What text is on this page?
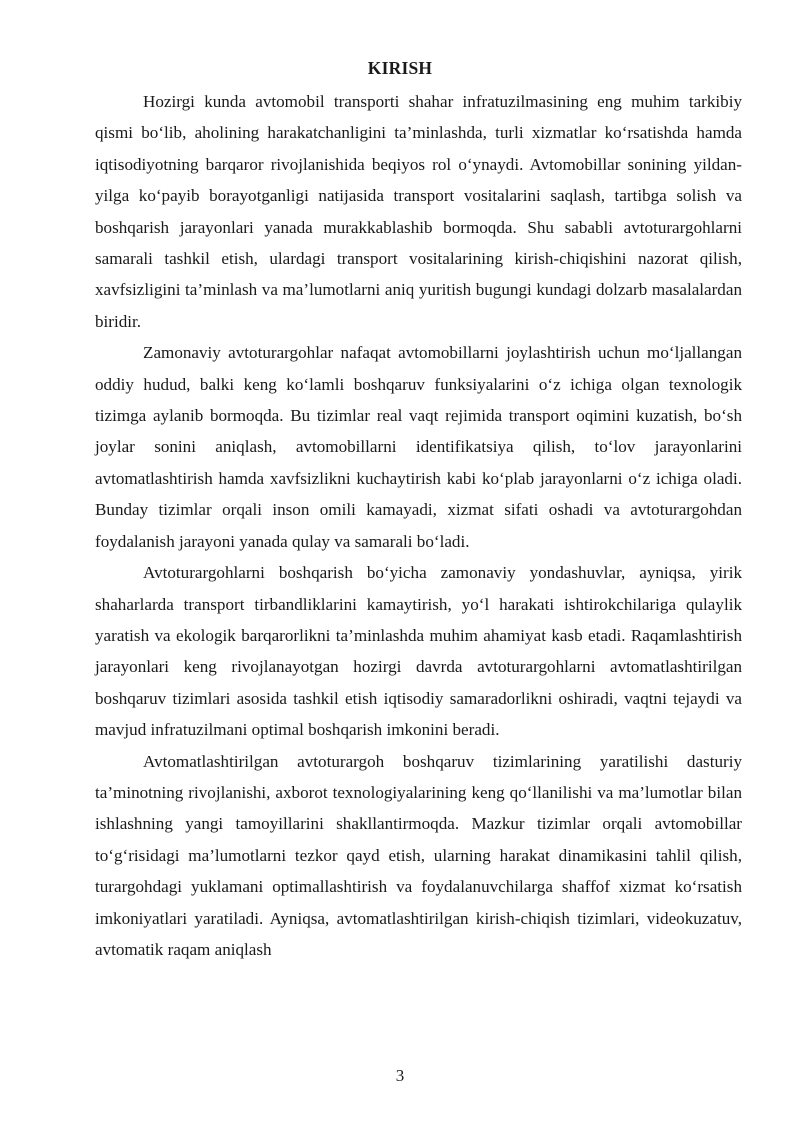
KIRISH

Hozirgi kunda avtomobil transporti shahar infratuzilmasining eng muhim tarkibiy qismi bo‘lib, aholining harakatchanligini ta’minlashda, turli xizmatlar ko‘rsatishda hamda iqtisodiyotning barqaror rivojlanishida beqiyos rol o‘ynaydi. Avtomobillar sonining yildan-yilga ko‘payib borayotganligi natijasida transport vositalarini saqlash, tartibga solish va boshqarish jarayonlari yanada murakkablashib bormoqda. Shu sababli avtoturargohlarni samarali tashkil etish, ulardagi transport vositalarining kirish-chiqishini nazorat qilish, xavfsizligini ta’minlash va ma’lumotlarni aniq yuritish bugungi kundagi dolzarb masalalardan biridir.

Zamonaviy avtoturargohlar nafaqat avtomobillarni joylashtirish uchun mo‘ljallangan oddiy hudud, balki keng ko‘lamli boshqaruv funksiyalarini o‘z ichiga olgan texnologik tizimga aylanib bormoqda. Bu tizimlar real vaqt rejimida transport oqimini kuzatish, bo‘sh joylar sonini aniqlash, avtomobillarni identifikatsiya qilish, to‘lov jarayonlarini avtomatlashtirish hamda xavfsizlikni kuchaytirish kabi ko‘plab jarayonlarni o‘z ichiga oladi. Bunday tizimlar orqali inson omili kamayadi, xizmat sifati oshadi va avtoturargohdan foydalanish jarayoni yanada qulay va samarali bo‘ladi.

Avtoturargohlarni boshqarish bo‘yicha zamonaviy yondashuvlar, ayniqsa, yirik shaharlarda transport tirbandliklarini kamaytirish, yo‘l harakati ishtirokchilariga qulaylik yaratish va ekologik barqarorlikni ta’minlashda muhim ahamiyat kasb etadi. Raqamlashtirish jarayonlari keng rivojlanayotgan hozirgi davrda avtoturargohlarni avtomatlashtirilgan boshqaruv tizimlari asosida tashkil etish iqtisodiy samaradorlikni oshiradi, vaqtni tejaydi va mavjud infratuzilmani optimal boshqarish imkonini beradi.

Avtomatlashtirilgan avtoturargoh boshqaruv tizimlarining yaratilishi dasturiy ta’minotning rivojlanishi, axborot texnologiyalarining keng qo‘llanilishi va ma’lumotlar bilan ishlashning yangi tamoyillarini shakllantirmoqda. Mazkur tizimlar orqali avtomobillar to‘g‘risidagi ma’lumotlarni tezkor qayd etish, ularning harakat dinamikasini tahlil qilish, turargohdagi yuklamani optimallashtirish va foydalanuvchilarga shaffof xizmat ko‘rsatish imkoniyatlari yaratiladi. Ayniqsa, avtomatlashtirilgan kirish-chiqish tizimlari, videokuzatuv, avtomatik raqam aniqlash

3
